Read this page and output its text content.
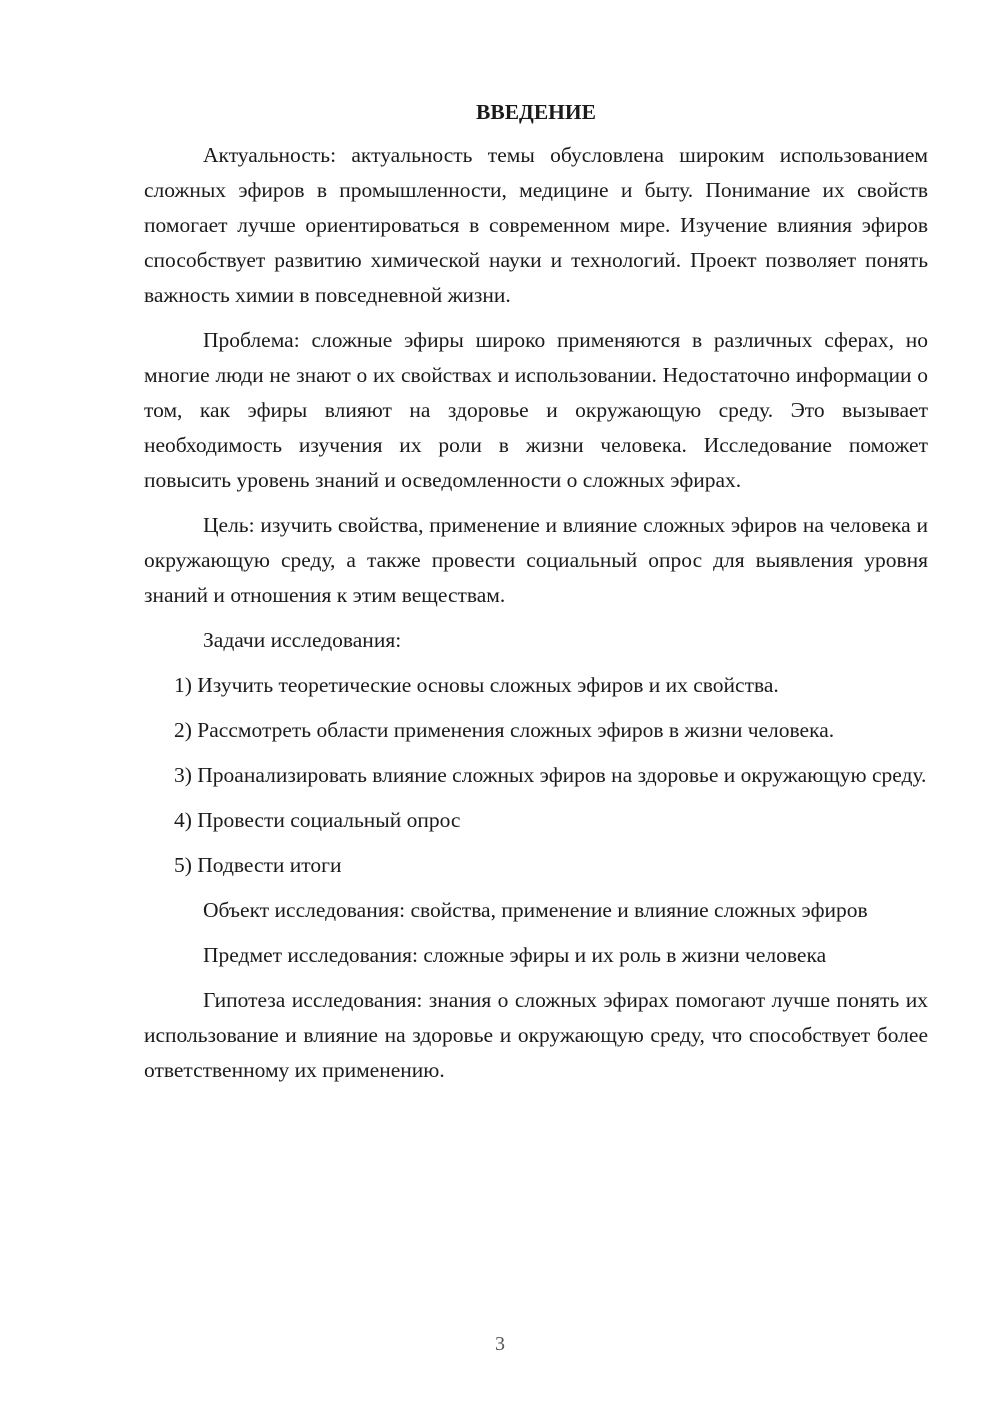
ВВЕДЕНИЕ

Актуальность: актуальность темы обусловлена широким использованием сложных эфиров в промышленности, медицине и быту. Понимание их свойств помогает лучше ориентироваться в современном мире. Изучение влияния эфиров способствует развитию химической науки и технологий. Проект позволяет понять важность химии в повседневной жизни.

Проблема: сложные эфиры широко применяются в различных сферах, но многие люди не знают о их свойствах и использовании. Недостаточно информации о том, как эфиры влияют на здоровье и окружающую среду. Это вызывает необходимость изучения их роли в жизни человека. Исследование поможет повысить уровень знаний и осведомленности о сложных эфирах.

Цель: изучить свойства, применение и влияние сложных эфиров на человека и окружающую среду, а также провести социальный опрос для выявления уровня знаний и отношения к этим веществам.

Задачи исследования:

1) Изучить теоретические основы сложных эфиров и их свойства.

2) Рассмотреть области применения сложных эфиров в жизни человека.

3) Проанализировать влияние сложных эфиров на здоровье и окружающую среду.

4) Провести социальный опрос

5) Подвести итоги

Объект исследования: свойства, применение и влияние сложных эфиров

Предмет исследования: сложные эфиры и их роль в жизни человека

Гипотеза исследования: знания о сложных эфирах помогают лучше понять их использование и влияние на здоровье и окружающую среду, что способствует более ответственному их применению.

3
